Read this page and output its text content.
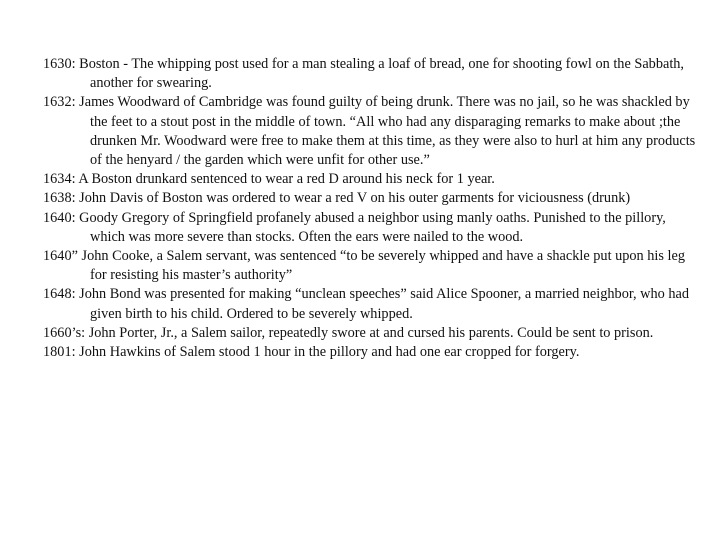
1630: Boston - The whipping post used for a man stealing a loaf of bread, one for shooting fowl on the Sabbath, another for swearing.

1632: James Woodward of Cambridge was found guilty of being drunk. There was no jail, so he was shackled by the feet to a stout post in the middle of town. “All who had any disparaging remarks to make about ;the drunken Mr. Woodward were free to make them at this time, as they were also to hurl at him any products of the henyard / the garden which were unfit for other use.”

1634: A Boston drunkard sentenced to wear a red D around his neck for 1 year.

1638: John Davis of Boston was ordered to wear a red V on his outer garments for viciousness (drunk)

1640: Goody Gregory of Springfield profanely abused a neighbor using manly oaths. Punished to the pillory, which was more severe than stocks. Often the ears were nailed to the wood.

1640” John Cooke, a Salem servant, was sentenced “to be severely whipped and have a shackle put upon his leg for resisting his master’s authority”

1648: John Bond was presented for making “unclean speeches” said Alice Spooner, a married neighbor, who had given birth to his child. Ordered to be severely whipped.

1660’s: John Porter, Jr., a Salem sailor, repeatedly swore at and cursed his parents. Could be sent to prison.

1801: John Hawkins of Salem stood 1 hour in the pillory and had one ear cropped for forgery.
